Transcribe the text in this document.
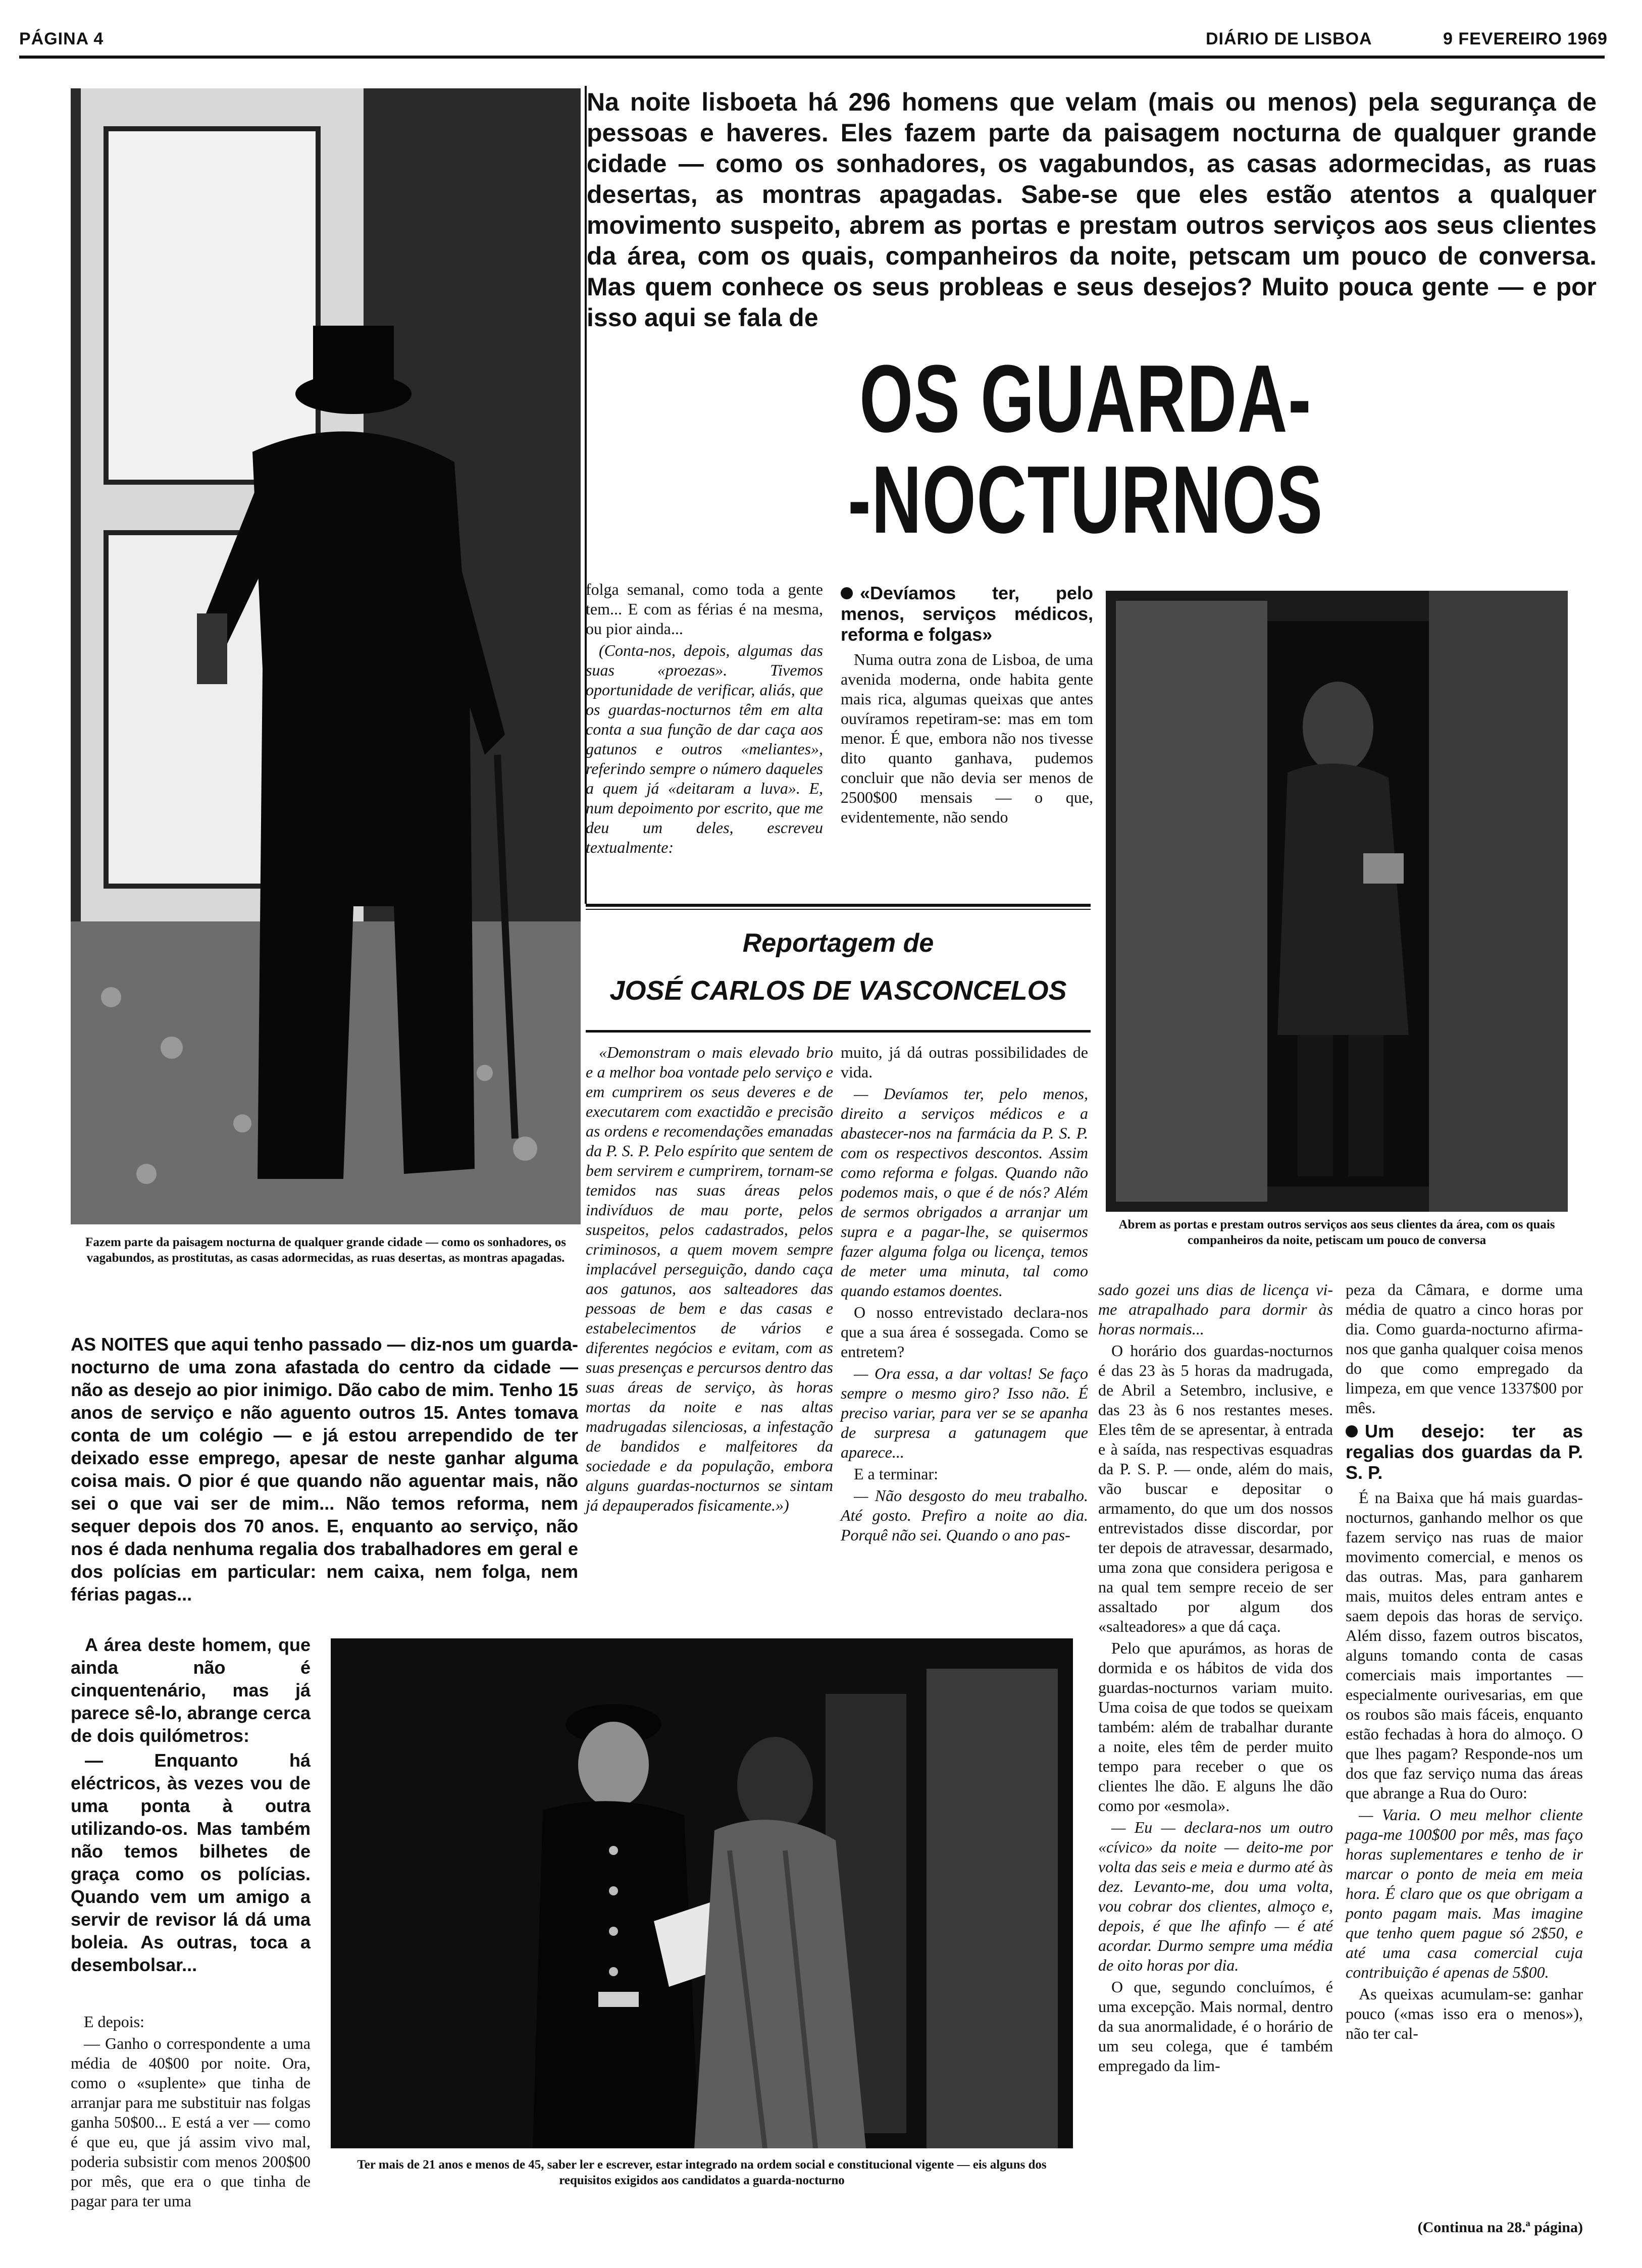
PÁGINA 4	DIÁRIO DE LISBOA	9 FEVEREIRO 1969
Fazem parte da paisagem nocturna de qualquer grande cidade — como os sonhadores, os vagabundos, as prostitutas, as casas adormecidas, as ruas desertas, as montras apagadas.

AS NOITES que aqui tenho passado — diz-nos um guarda-nocturno de uma zona afastada do centro da cidade — não as desejo ao pior inimigo. Dão cabo de mim. Tenho 15 anos de serviço e não aguento outros 15. Antes tomava conta de um colégio — e já estou arrependido de ter deixado esse emprego, apesar de neste ganhar alguma coisa mais. O pior é que quando não aguentar mais, não sei o que vai ser de mim... Não temos reforma, nem sequer depois dos 70 anos. E, enquanto ao serviço, não nos é dada nenhuma regalia dos trabalhadores em geral e dos polícias em particular: nem caixa, nem folga, nem férias pagas...

A área deste homem, que ainda não é cinquentenário, mas já parece sê-lo, abrange cerca de dois quilómetros:

— Enquanto há eléctricos, às vezes vou de uma ponta à outra utilizando-os. Mas também não temos bilhetes de graça como os polícias. Quando vem um amigo a servir de revisor lá dá uma boleia. As outras, toca a desembolsar...

E depois:

— Ganho o correspondente a uma média de 40$00 por noite. Ora, como o «suplente» que tinha de arranjar para me substituir nas folgas ganha 50$00... E está a ver — como é que eu, que já assim vivo mal, poderia subsistir com menos 200$00 por mês, que era o que tinha de pagar para ter uma

Na noite lisboeta há 296 homens que velam (mais ou menos) pela segurança de pessoas e haveres. Eles fazem parte da paisagem nocturna de qualquer grande cidade — como os sonhadores, os vagabundos, as casas adormecidas, as ruas desertas, as montras apagadas. Sabe-se que eles estão atentos a qualquer movimento suspeito, abrem as portas e prestam outros serviços aos seus clientes da área, com os quais, companheiros da noite, petscam um pouco de conversa. Mas quem conhece os seus probleas e seus desejos? Muito pouca gente — e por isso aqui se fala de
OS GUARDA-
-NOCTURNOS

folga semanal, como toda a gente tem... E com as férias é na mesma, ou pior ainda...

(Conta-nos, depois, algumas das suas «proezas». Tivemos oportunidade de verificar, aliás, que os guardas-nocturnos têm em alta conta a sua função de dar caça aos gatunos e outros «meliantes», referindo sempre o número daqueles a quem já «deitaram a luva». E, num depoimento por escrito, que me deu um deles, escreveu textualmente:

«Devíamos ter, pelo menos, serviços médicos, reforma e folgas»

Numa outra zona de Lisboa, de uma avenida moderna, onde habita gente mais rica, algumas queixas que antes ouvíramos repetiram-se: mas em tom menor. É que, embora não nos tivesse dito quanto ganhava, pudemos concluir que não devia ser menos de 2500$00 mensais — o que, evidentemente, não sendo

Abrem as portas e prestam outros serviços aos seus clientes da área, com os quais companheiros da noite, petiscam um pouco de conversa
Reportagem de
JOSÉ CARLOS DE VASCONCELOS

«Demonstram o mais elevado brio e a melhor boa vontade pelo serviço e em cumprirem os seus deveres e de executarem com exactidão e precisão as ordens e recomendações emanadas da P. S. P. Pelo espírito que sentem de bem servirem e cumprirem, tornam-se temidos nas suas áreas pelos indivíduos de mau porte, pelos suspeitos, pelos cadastrados, pelos criminosos, a quem movem sempre implacável perseguição, dando caça aos gatunos, aos salteadores das pessoas de bem e das casas e estabelecimentos de vários e diferentes negócios e evitam, com as suas presenças e percursos dentro das suas áreas de serviço, às horas mortas da noite e nas altas madrugadas silenciosas, a infestação de bandidos e malfeitores da sociedade e da população, embora alguns guardas-nocturnos se sintam já depauperados fisicamente.»)

muito, já dá outras possibilidades de vida.

— Devíamos ter, pelo menos, direito a serviços médicos e a abastecer-nos na farmácia da P. S. P. com os respectivos descontos. Assim como reforma e folgas. Quando não podemos mais, o que é de nós? Além de sermos obrigados a arranjar um supra e a pagar-lhe, se quisermos fazer alguma folga ou licença, temos de meter uma minuta, tal como quando estamos doentes.

O nosso entrevistado declara-nos que a sua área é sossegada. Como se entretem?

— Ora essa, a dar voltas! Se faço sempre o mesmo giro? Isso não. É preciso variar, para ver se se apanha de surpresa a gatunagem que aparece...

E a terminar:

— Não desgosto do meu trabalho. Até gosto. Prefiro a noite ao dia. Porquê não sei. Quando o ano pas-

Ter mais de 21 anos e menos de 45, saber ler e escrever, estar integrado na ordem social e constitucional vigente — eis alguns dos requisitos exigidos aos candidatos a guarda-nocturno

sado gozei uns dias de licença vi-me atrapalhado para dormir às horas normais...

O horário dos guardas-nocturnos é das 23 às 5 horas da madrugada, de Abril a Setembro, inclusive, e das 23 às 6 nos restantes meses. Eles têm de se apresentar, à entrada e à saída, nas respectivas esquadras da P. S. P. — onde, além do mais, vão buscar e depositar o armamento, do que um dos nossos entrevistados disse discordar, por ter depois de atravessar, desarmado, uma zona que considera perigosa e na qual tem sempre receio de ser assaltado por algum dos «salteadores» a que dá caça.

Pelo que apurámos, as horas de dormida e os hábitos de vida dos guardas-nocturnos variam muito. Uma coisa de que todos se queixam também: além de trabalhar durante a noite, eles têm de perder muito tempo para receber o que os clientes lhe dão. E alguns lhe dão como por «esmola».

— Eu — declara-nos um outro «cívico» da noite — deito-me por volta das seis e meia e durmo até às dez. Levanto-me, dou uma volta, vou cobrar dos clientes, almoço e, depois, é que lhe afinfo — é até acordar. Durmo sempre uma média de oito horas por dia.

O que, segundo concluímos, é uma excepção. Mais normal, dentro da sua anormalidade, é o horário de um seu colega, que é também empregado da lim-

peza da Câmara, e dorme uma média de quatro a cinco horas por dia. Como guarda-nocturno afirma-nos que ganha qualquer coisa menos do que como empregado da limpeza, em que vence 1337$00 por mês.

Um desejo: ter as regalias dos guardas da P. S. P.

É na Baixa que há mais guardas-nocturnos, ganhando melhor os que fazem serviço nas ruas de maior movimento comercial, e menos os das outras. Mas, para ganharem mais, muitos deles entram antes e saem depois das horas de serviço. Além disso, fazem outros biscatos, alguns tomando conta de casas comerciais mais importantes — especialmente ourivesarias, em que os roubos são mais fáceis, enquanto estão fechadas à hora do almoço. O que lhes pagam? Responde-nos um dos que faz serviço numa das áreas que abrange a Rua do Ouro:

— Varia. O meu melhor cliente paga-me 100$00 por mês, mas faço horas suplementares e tenho de ir marcar o ponto de meia em meia hora. É claro que os que obrigam a ponto pagam mais. Mas imagine que tenho quem pague só 2$50, e até uma casa comercial cuja contribuição é apenas de 5$00.

As queixas acumulam-se: ganhar pouco («mas isso era o menos»), não ter cal-

(Continua na 28.ª página)
